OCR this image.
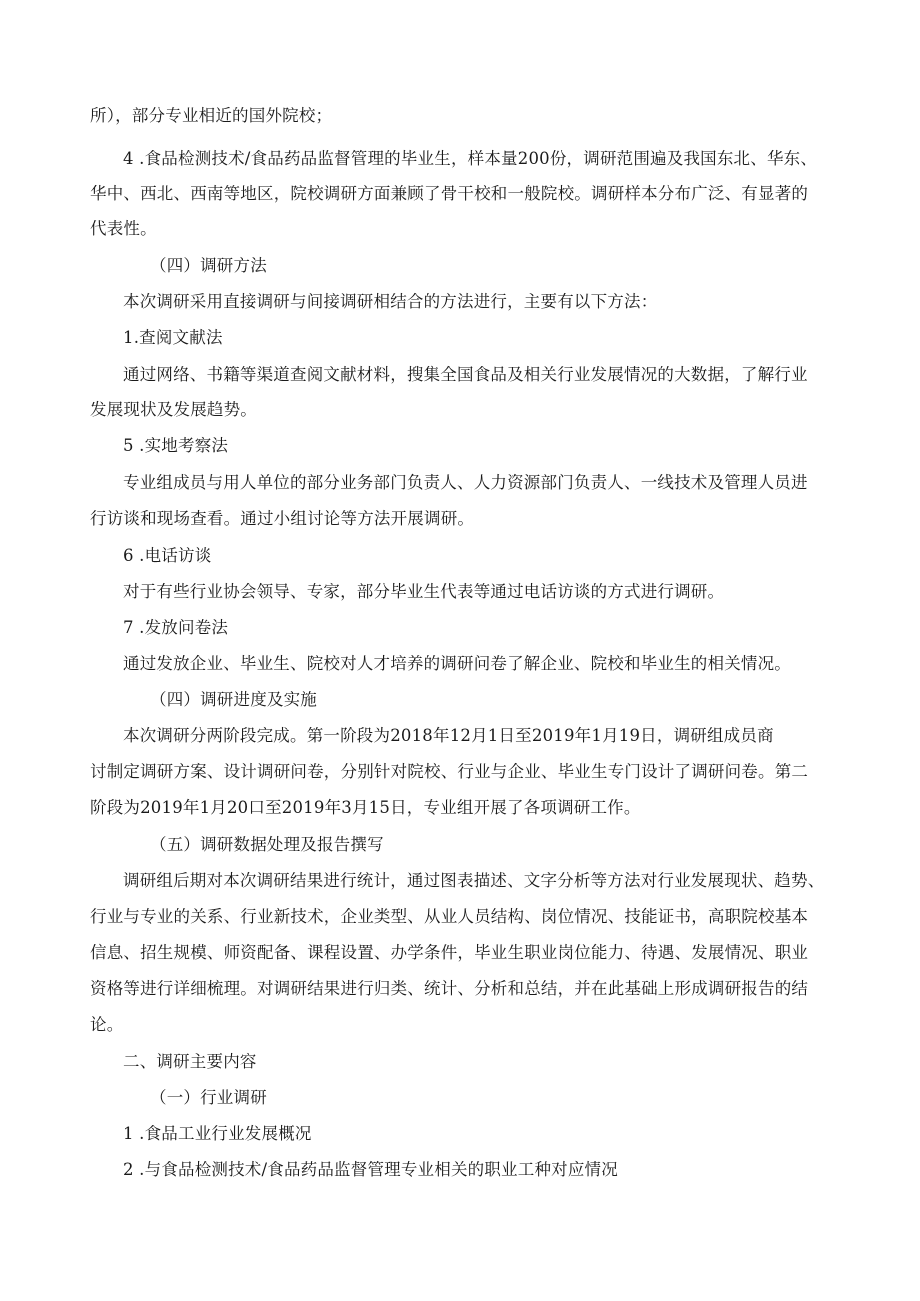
所），部分专业相近的国外院校；
4 .食品检测技术/食品药品监督管理的毕业生，样本量200份，调研范围遍及我国东北、华东、
华中、西北、西南等地区，院校调研方面兼顾了骨干校和一般院校。调研样本分布广泛、有显著的
代表性。
（四）调研方法
本次调研采用直接调研与间接调研相结合的方法进行，主要有以下方法：
1.查阅文献法
通过网络、书籍等渠道查阅文献材料，搜集全国食品及相关行业发展情况的大数据，了解行业
发展现状及发展趋势。
5 .实地考察法
专业组成员与用人单位的部分业务部门负责人、人力资源部门负责人、一线技术及管理人员进
行访谈和现场查看。通过小组讨论等方法开展调研。
6 .电话访谈
对于有些行业协会领导、专家，部分毕业生代表等通过电话访谈的方式进行调研。
7 .发放问卷法
通过发放企业、毕业生、院校对人才培养的调研问卷了解企业、院校和毕业生的相关情况。
（四）调研进度及实施
本次调研分两阶段完成。第一阶段为2018年12月1日至2019年1月19日，调研组成员商
讨制定调研方案、设计调研问卷，分别针对院校、行业与企业、毕业生专门设计了调研问卷。第二
阶段为2019年1月20口至2019年3月15日，专业组开展了各项调研工作。
（五）调研数据处理及报告撰写
调研组后期对本次调研结果进行统计，通过图表描述、文字分析等方法对行业发展现状、趋势、
行业与专业的关系、行业新技术，企业类型、从业人员结构、岗位情况、技能证书，高职院校基本
信息、招生规模、师资配备、课程设置、办学条件，毕业生职业岗位能力、待遇、发展情况、职业
资格等进行详细梳理。对调研结果进行归类、统计、分析和总结，并在此基础上形成调研报告的结
论。
二、调研主要内容
（一）行业调研
1 .食品工业行业发展概况
2 .与食品检测技术/食品药品监督管理专业相关的职业工种对应情况
